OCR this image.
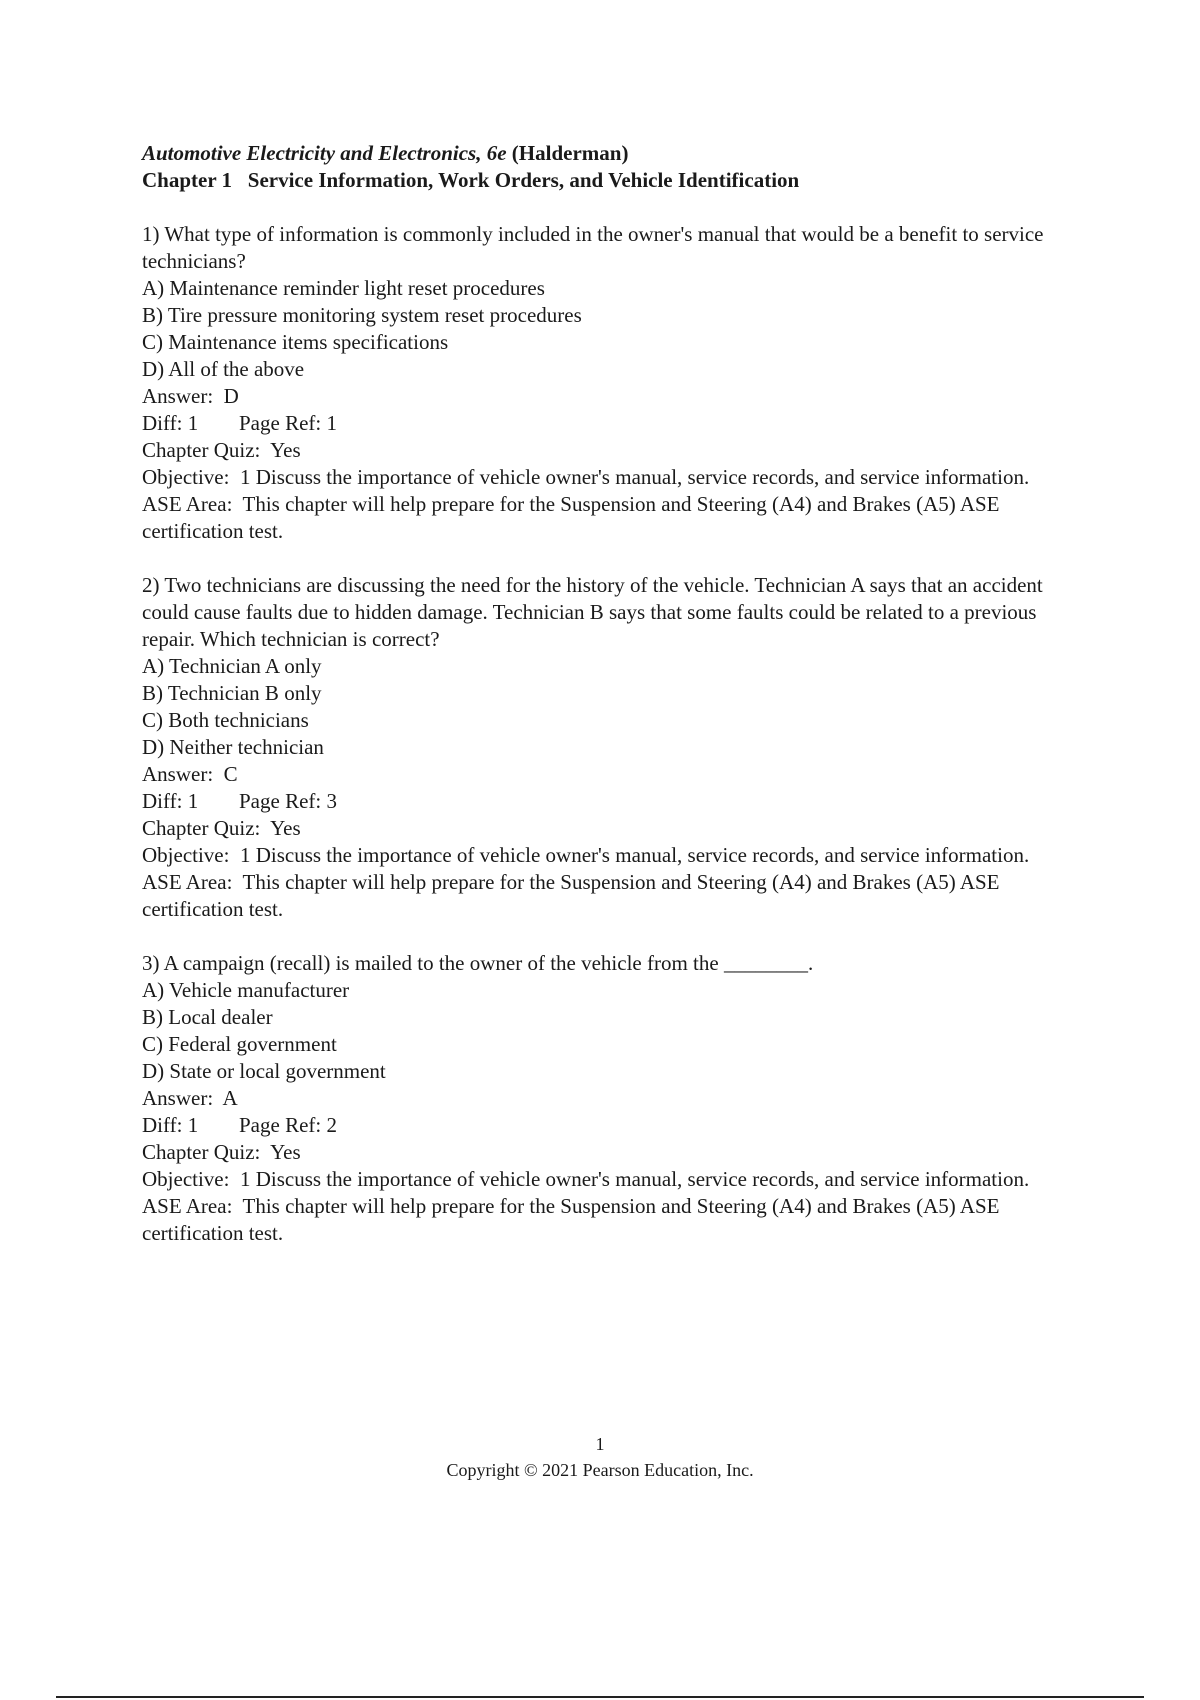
Automotive Electricity and Electronics, 6e (Halderman)
Chapter 1   Service Information, Work Orders, and Vehicle Identification
1) What type of information is commonly included in the owner's manual that would be a benefit to service technicians?
A) Maintenance reminder light reset procedures
B) Tire pressure monitoring system reset procedures
C) Maintenance items specifications
D) All of the above
Answer:  D
Diff: 1 Page Ref: 1
Chapter Quiz:  Yes
Objective:  1 Discuss the importance of vehicle owner's manual, service records, and service information.
ASE Area:  This chapter will help prepare for the Suspension and Steering (A4) and Brakes (A5) ASE certification test.
2) Two technicians are discussing the need for the history of the vehicle. Technician A says that an accident could cause faults due to hidden damage. Technician B says that some faults could be related to a previous repair. Which technician is correct?
A) Technician A only
B) Technician B only
C) Both technicians
D) Neither technician
Answer:  C
Diff: 1 Page Ref: 3
Chapter Quiz:  Yes
Objective:  1 Discuss the importance of vehicle owner's manual, service records, and service information.
ASE Area:  This chapter will help prepare for the Suspension and Steering (A4) and Brakes (A5) ASE certification test.
3) A campaign (recall) is mailed to the owner of the vehicle from the ________.
A) Vehicle manufacturer
B) Local dealer
C) Federal government
D) State or local government
Answer:  A
Diff: 1 Page Ref: 2
Chapter Quiz:  Yes
Objective:  1 Discuss the importance of vehicle owner's manual, service records, and service information.
ASE Area:  This chapter will help prepare for the Suspension and Steering (A4) and Brakes (A5) ASE certification test.
1
Copyright © 2021 Pearson Education, Inc.
